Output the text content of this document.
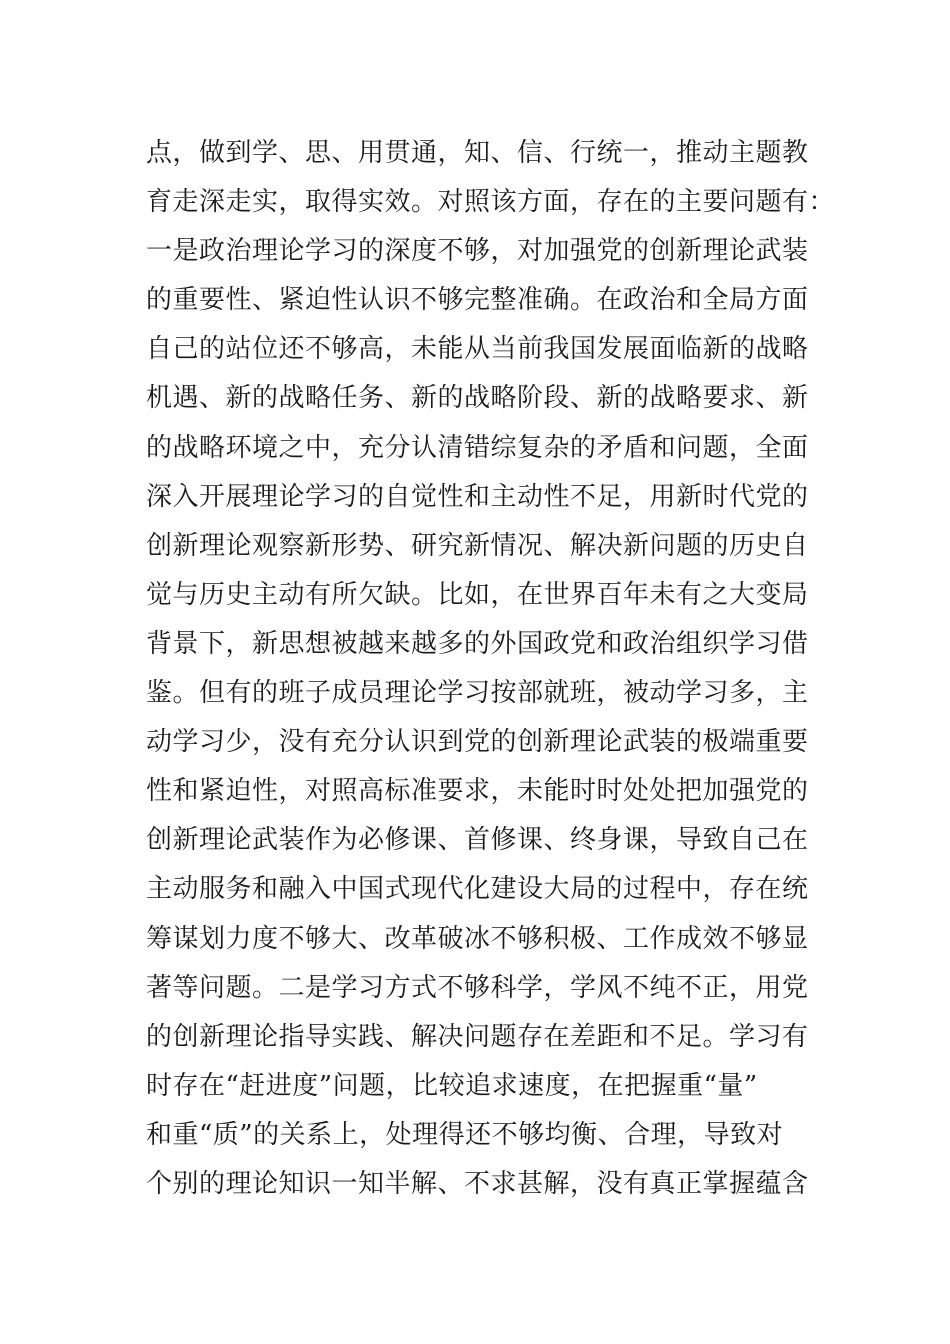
点，做到学、思、用贯通，知、信、行统一，推动主题教
育走深走实，取得实效。对照该方面，存在的主要问题有：
一是政治理论学习的深度不够，对加强党的创新理论武装
的重要性、紧迫性认识不够完整准确。在政治和全局方面
自己的站位还不够高，未能从当前我国发展面临新的战略
机遇、新的战略任务、新的战略阶段、新的战略要求、新
的战略环境之中，充分认清错综复杂的矛盾和问题，全面
深入开展理论学习的自觉性和主动性不足，用新时代党的
创新理论观察新形势、研究新情况、解决新问题的历史自
觉与历史主动有所欠缺。比如，在世界百年未有之大变局
背景下，新思想被越来越多的外国政党和政治组织学习借
鉴。但有的班子成员理论学习按部就班，被动学习多，主
动学习少，没有充分认识到党的创新理论武装的极端重要
性和紧迫性，对照高标准要求，未能时时处处把加强党的
创新理论武装作为必修课、首修课、终身课，导致自己在
主动服务和融入中国式现代化建设大局的过程中，存在统
筹谋划力度不够大、改革破冰不够积极、工作成效不够显
著等问题。二是学习方式不够科学，学风不纯不正，用党
的创新理论指导实践、解决问题存在差距和不足。学习有
时存在“赶进度”问题，比较追求速度，在把握重“量”
和重“质”的关系上，处理得还不够均衡、合理，导致对
个别的理论知识一知半解、不求甚解，没有真正掌握蕴含
